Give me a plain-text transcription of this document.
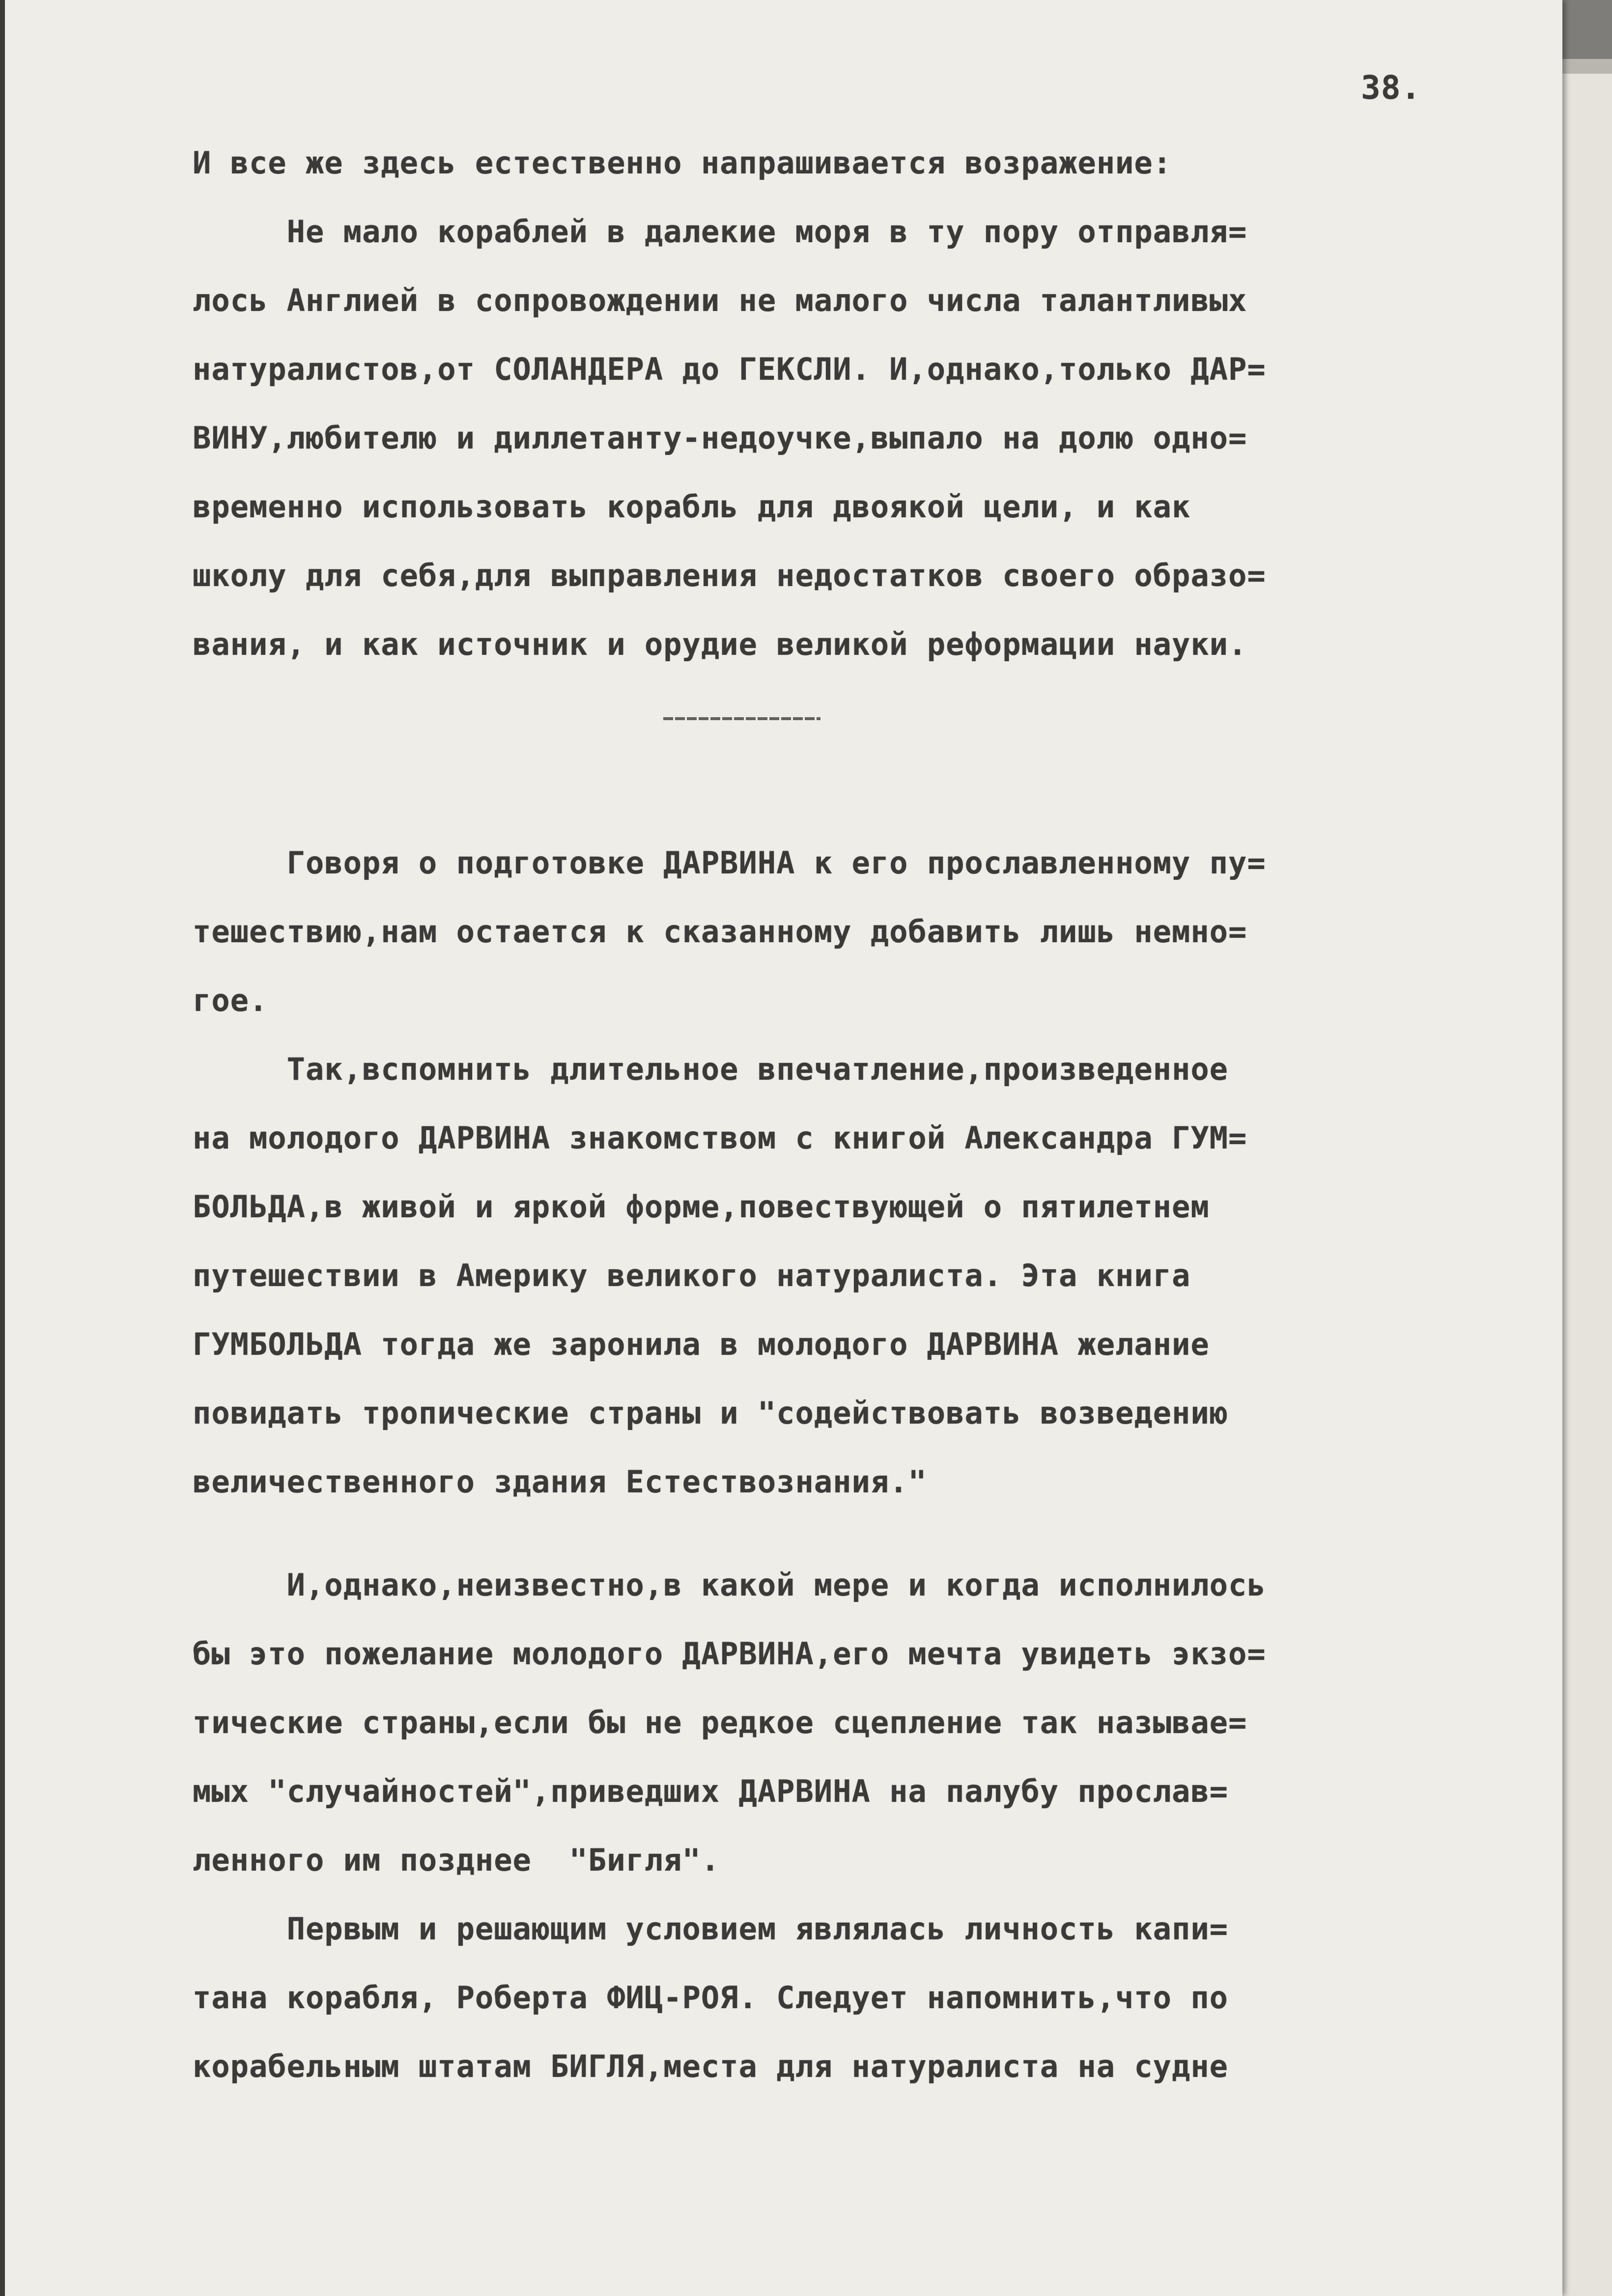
38.
И все же здесь естественно напрашивается возражение:
Не мало кораблей в далекие моря в ту пору отправля=
лось Англией в сопровождении не малого числа талантливых
натуралистов,от СОЛАНДЕРА до ГЕКСЛИ. И,однако,только ДАР=
ВИНУ,любителю и диллетанту-недоучке,выпало на долю одно=
временно использовать корабль для двоякой цели, и как
школу для себя,для выправления недостатков своего образо=
вания, и как источник и орудие великой реформации науки.
Говоря о подготовке ДАРВИНА к его прославленному пу=
тешествию,нам остается к сказанному добавить лишь немно=
гое.
Так,вспомнить длительное впечатление,произведенное
на молодого ДАРВИНА знакомством с книгой Александра ГУМ=
БОЛЬДА,в живой и яркой форме,повествующей о пятилетнем
путешествии в Америку великого натуралиста. Эта книга
ГУМБОЛЬДА тогда же заронила в молодого ДАРВИНА желание
повидать тропические страны и "содействовать возведению
величественного здания Естествознания."
И,однако,неизвестно,в какой мере и когда исполнилось
бы это пожелание молодого ДАРВИНА,его мечта увидеть экзо=
тические страны,если бы не редкое сцепление так называе=
мых "случайностей",приведших ДАРВИНА на палубу прослав=
ленного им позднее  "Бигля".
Первым и решающим условием являлась личность капи=
тана корабля, Роберта ФИЦ-РОЯ. Следует напомнить,что по
корабельным штатам БИГЛЯ,места для натуралиста на судне
